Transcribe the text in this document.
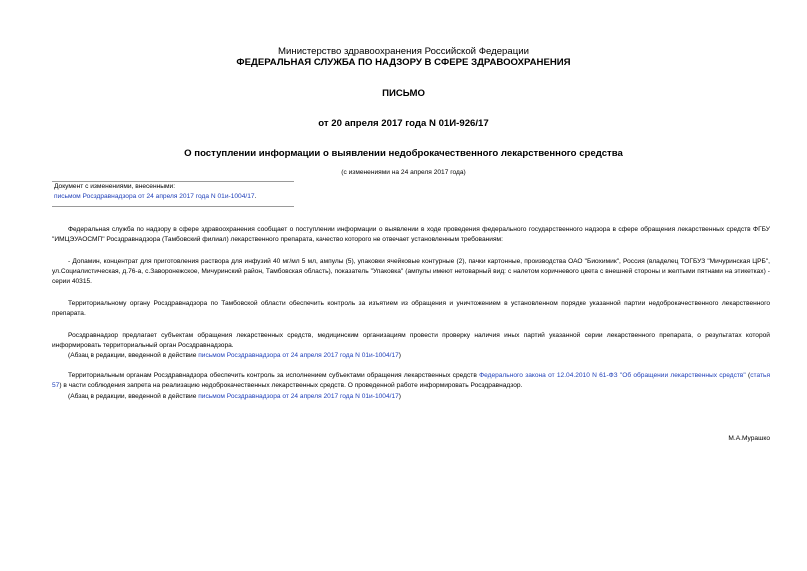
Министерство здравоохранения Российской Федерации
ФЕДЕРАЛЬНАЯ СЛУЖБА ПО НАДЗОРУ В СФЕРЕ ЗДРАВООХРАНЕНИЯ
ПИСЬМО
от 20 апреля 2017 года N 01И-926/17
О поступлении информации о выявлении недоброкачественного лекарственного средства
(с изменениями на 24 апреля 2017 года)
Документ с изменениями, внесенными:
письмом Росздравнадзора от 24 апреля 2017 года N 01и-1004/17.

Федеральная служба по надзору в сфере здравоохранения сообщает о поступлении информации о выявлении в ходе проведения федерального государственного надзора в сфере обращения лекарственных средств ФГБУ "ИМЦЭУАОСМП" Росздравнадзора (Тамбовский филиал) лекарственного препарата, качество которого не отвечает установленным требованиям:

- Допамин, концентрат для приготовления раствора для инфузий 40 мг/мл 5 мл, ампулы (5), упаковки ячейковые контурные (2), пачки картонные, производства ОАО "Биохимик", Россия (владелец ТОГБУЗ "Мичуринская ЦРБ", ул.Социалистическая, д.76-а, с.Заворонежское, Мичуринский район, Тамбовская область), показатель "Упаковка" (ампулы имеют нетоварный вид: с налетом коричневого цвета с внешней стороны и желтыми пятнами на этикетках) - серии 40315.

Территориальному органу Росздравнадзора по Тамбовской области обеспечить контроль за изъятием из обращения и уничтожением в установленном порядке указанной партии недоброкачественного лекарственного препарата.

Росздравнадзор предлагает субъектам обращения лекарственных средств, медицинским организациям провести проверку наличия иных партий указанной серии лекарственного препарата, о результатах которой информировать территориальный орган Росздравнадзора.

(Абзац в редакции, введенной в действие письмом Росздравнадзора от 24 апреля 2017 года N 01и-1004/17)

Территориальным органам Росздравнадзора обеспечить контроль за исполнением субъектами обращения лекарственных средств Федерального закона от 12.04.2010 N 61-ФЗ "Об обращении лекарственных средств" (статья 57) в части соблюдения запрета на реализацию недоброкачественных лекарственных средств. О проведенной работе информировать Росздравнадзор.

(Абзац в редакции, введенной в действие письмом Росздравнадзора от 24 апреля 2017 года N 01и-1004/17)

М.А.Мурашко
